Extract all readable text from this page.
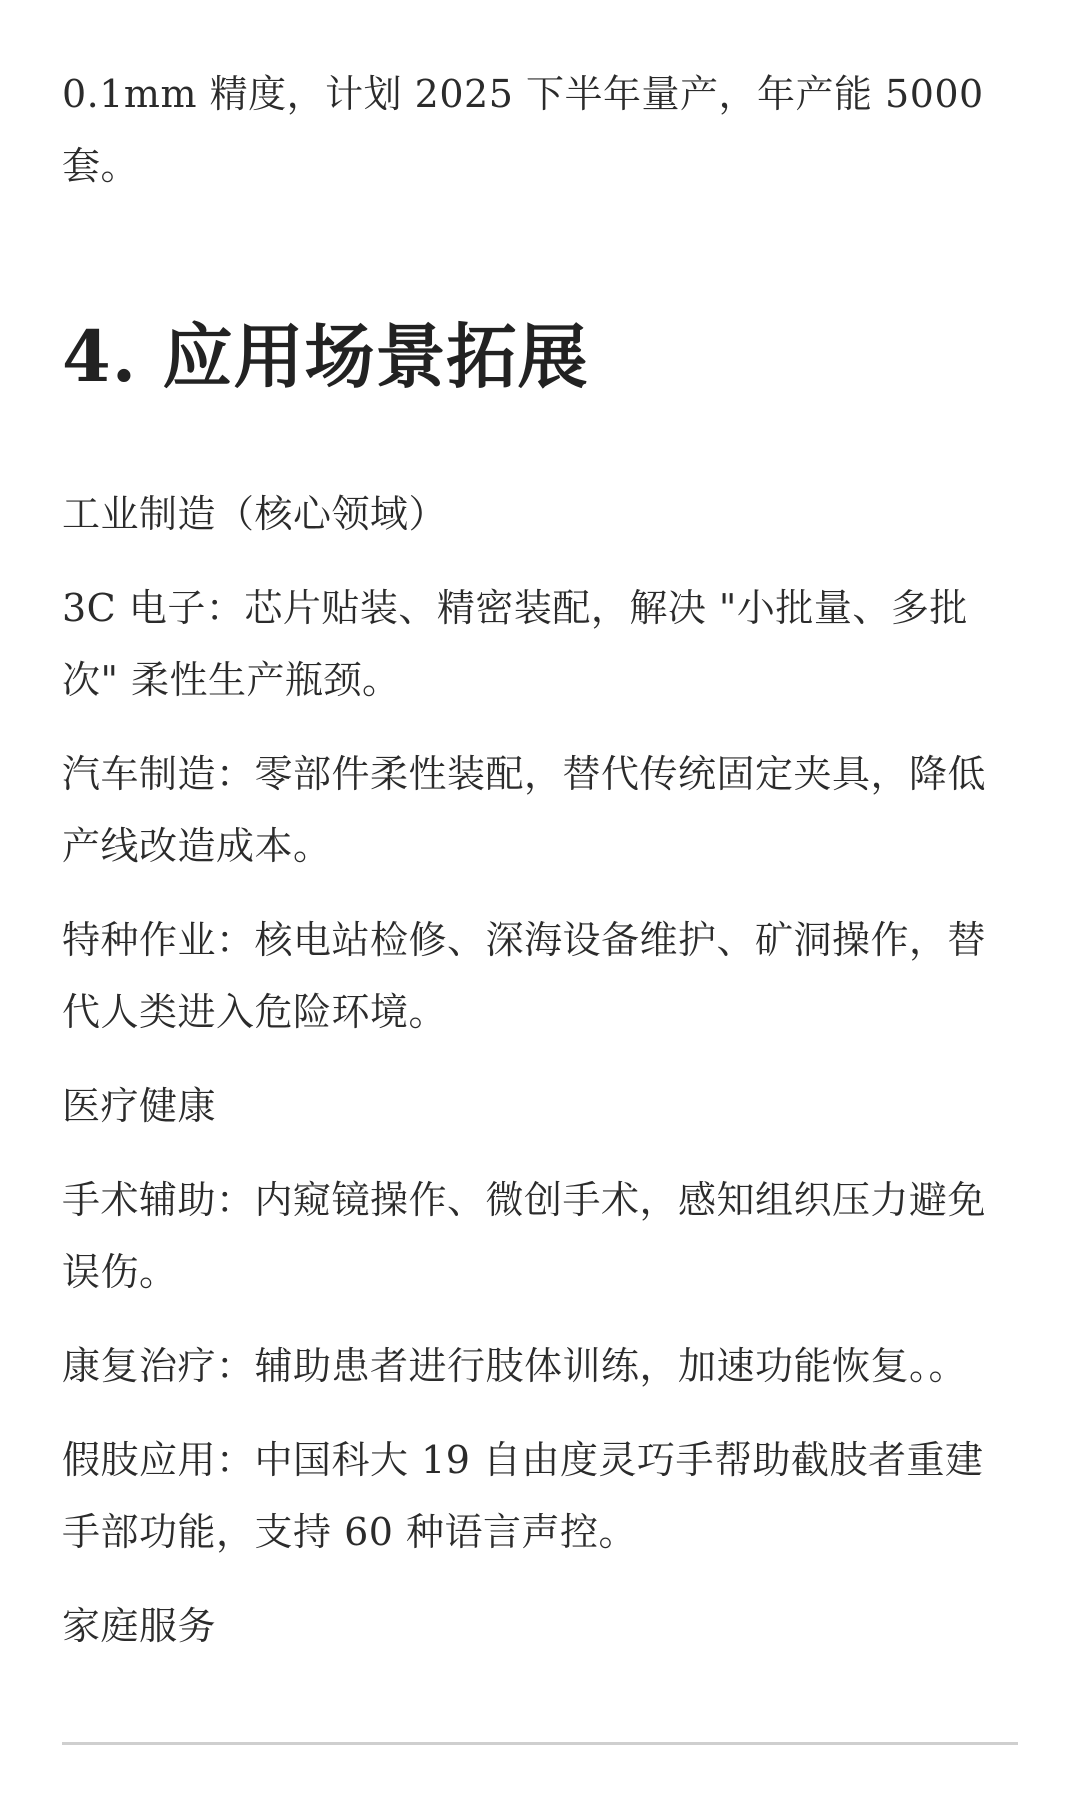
0.1mm 精度，计划 2025 下半年量产，年产能 5000 套。

4. 应用场景拓展

工业制造（核心领域）

3C 电子：芯片贴装、精密装配，解决 "小批量、多批次" 柔性生产瓶颈。

汽车制造：零部件柔性装配，替代传统固定夹具，降低产线改造成本。

特种作业：核电站检修、深海设备维护、矿洞操作，替代人类进入危险环境。

医疗健康

手术辅助：内窥镜操作、微创手术，感知组织压力避免误伤。

康复治疗：辅助患者进行肢体训练，加速功能恢复。。

假肢应用：中国科大 19 自由度灵巧手帮助截肢者重建手部功能，支持 60 种语言声控。

家庭服务
